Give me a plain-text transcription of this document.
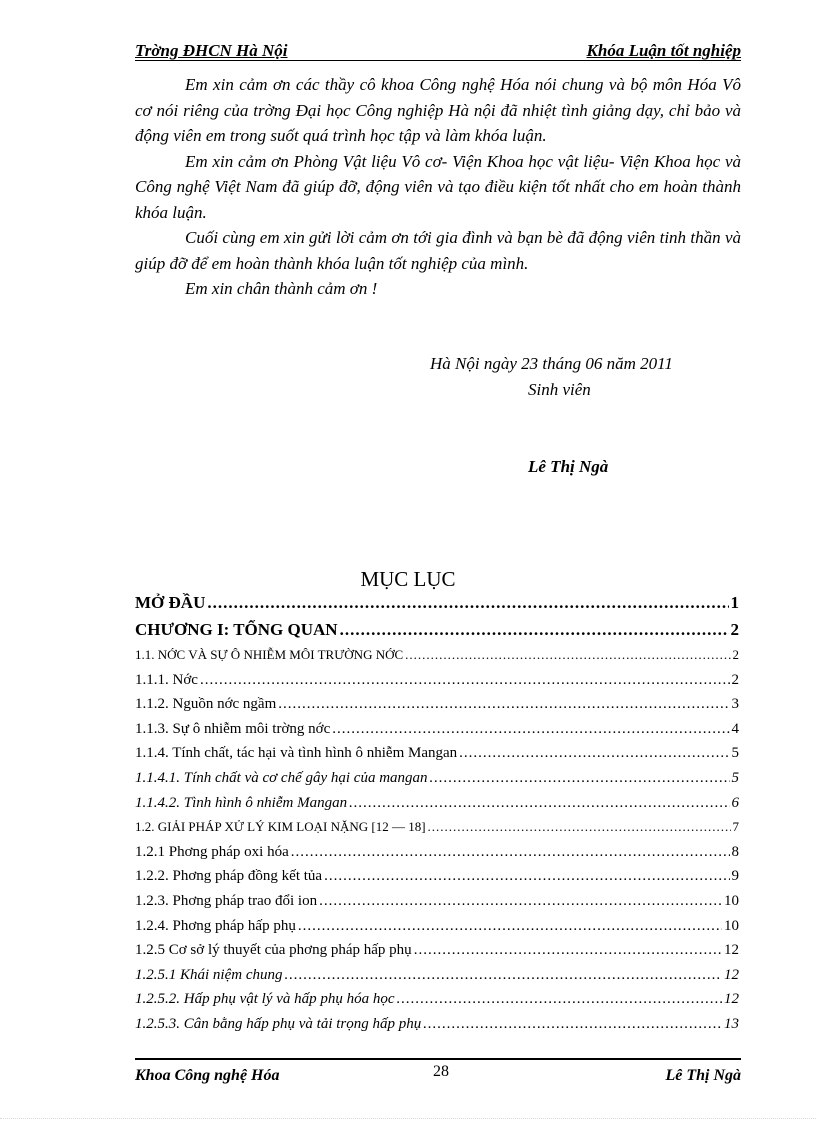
Trờng ĐHCN Hà Nội	Khóa Luận tốt nghiệp

Em xin cảm ơn các thầy cô khoa Công nghệ Hóa nói chung và bộ môn Hóa Vô cơ nói riêng của trờng Đại học Công nghiệp Hà nội đã nhiệt tình giảng dạy, chỉ bảo và động viên em trong suốt quá trình học tập và làm khóa luận.

Em xin cảm ơn Phòng Vật liệu Vô cơ- Viện Khoa học vật liệu- Viện Khoa học và Công nghệ Việt Nam đã giúp đỡ, động viên và tạo điều kiện tốt nhất cho em hoàn thành khóa luận.

Cuối cùng em xin gửi lời cảm ơn tới gia đình và bạn bè đã động viên tinh thần và giúp đỡ để em hoàn thành khóa luận tốt nghiệp của mình.

Em xin chân thành cảm ơn !

Hà Nội ngày 23 tháng 06 năm 2011
Sinh viên
Lê Thị Ngà
MỤC LỤC
MỞ ĐẦU .....	1
CHƯƠNG I: TỔNG QUAN .....	2
1.1. NỚC VÀ SỰ Ô NHIỄM MÔI TRƯỜNG NỚC .....	2
1.1.1. Nớc .....	2
1.1.2. Nguồn nớc ngầm .....	3
1.1.3. Sự ô nhiễm môi trờng nớc .....	4
1.1.4. Tính chất, tác hại và tình hình ô nhiễm Mangan .....	5
1.1.4.1. Tính chất và cơ chế gây hại của mangan .....	5
1.1.4.2. Tình hình ô nhiễm Mangan .....	6
1.2. GIẢI PHÁP XỬ LÝ KIM LOẠI NẶNG [12 — 18] .....	7
1.2.1 Phơng pháp oxi hóa .....	8
1.2.2. Phơng pháp đồng kết tủa .....	9
1.2.3. Phơng pháp trao đổi ion .....	10
1.2.4. Phơng pháp hấp phụ .....	10
1.2.5 Cơ sở lý thuyết của phơng pháp hấp phụ .....	12
1.2.5.1 Khái niệm chung .....	12
1.2.5.2. Hấp phụ vật lý và hấp phụ hóa học .....	12
1.2.5.3. Cân bằng hấp phụ và tải trọng hấp phụ .....	13
Khoa Công nghệ Hóa	28	Lê Thị Ngà
